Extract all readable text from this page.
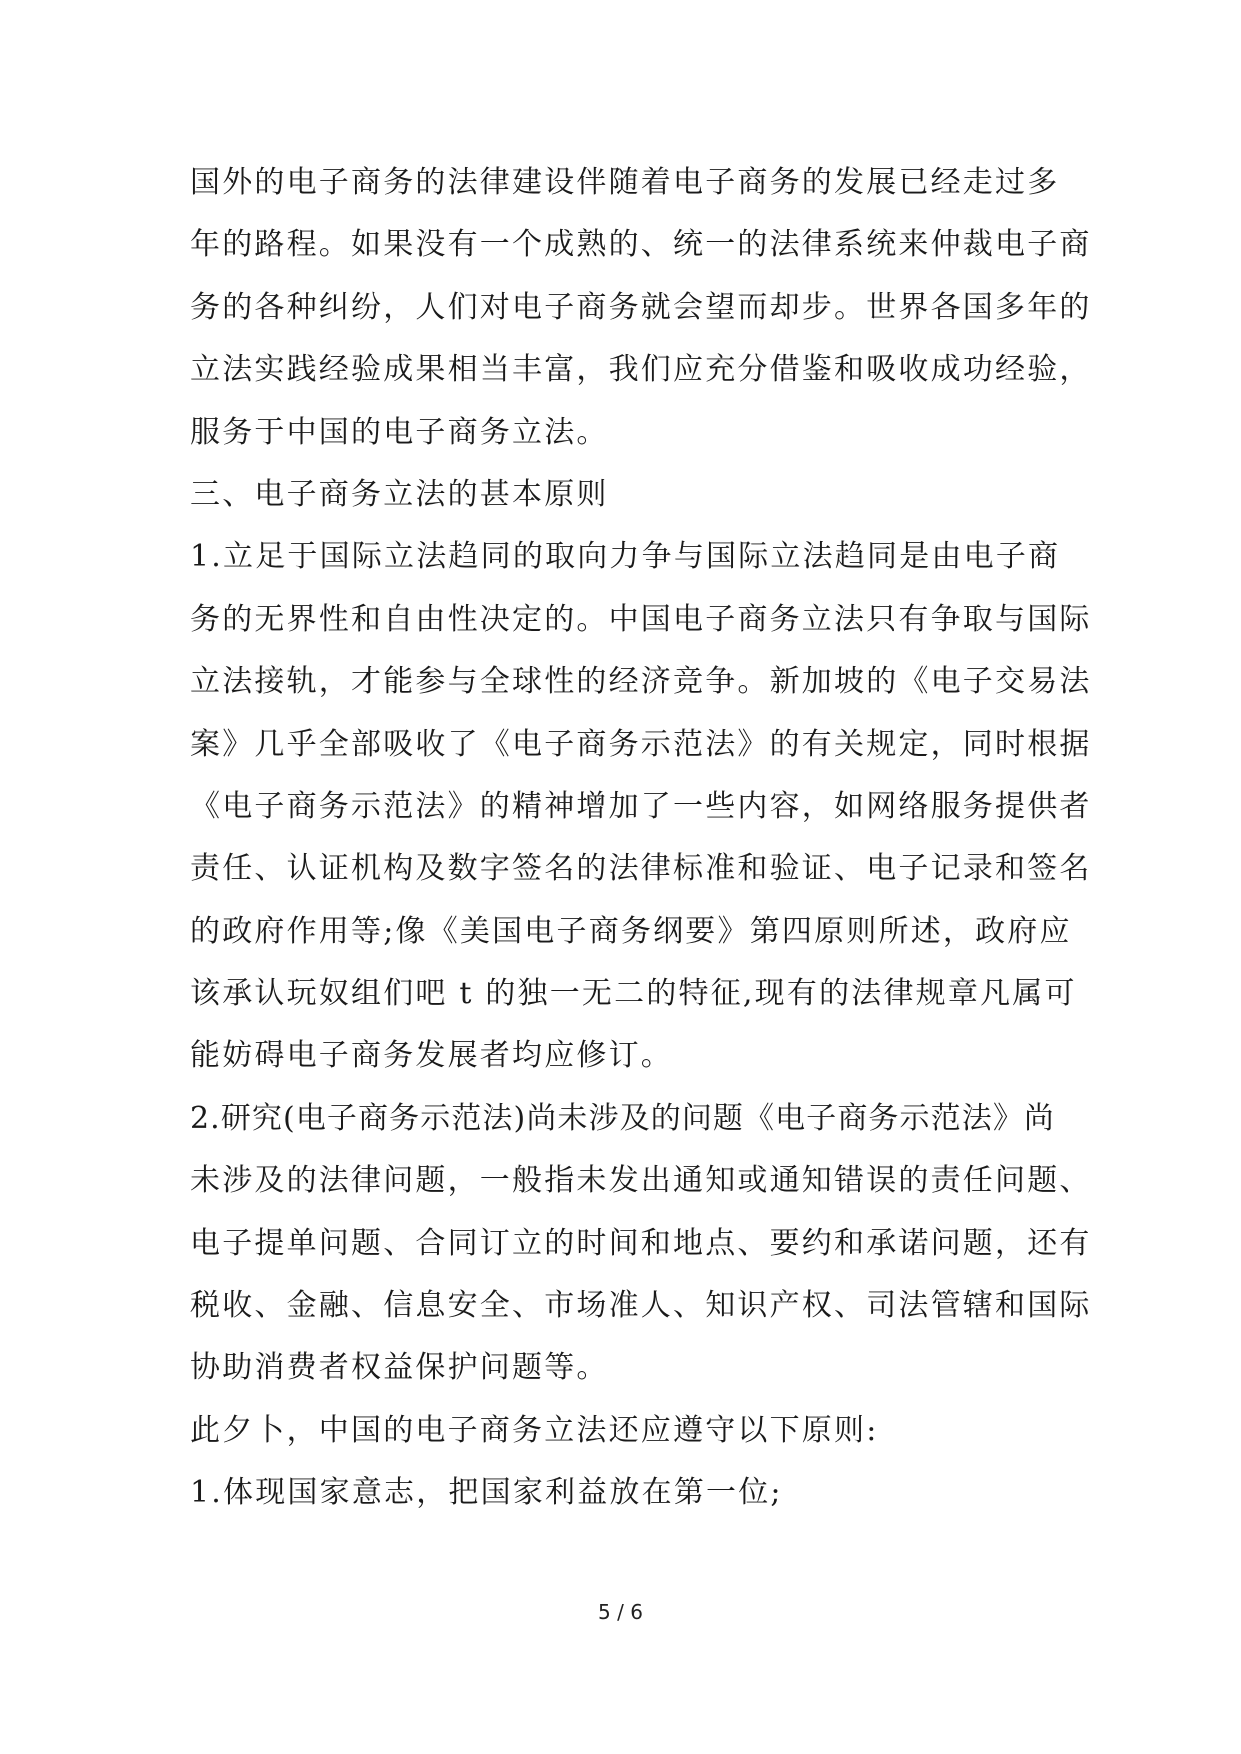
国外的电子商务的法律建设伴随着电子商务的发展已经走过多
年的路程。如果没有一个成熟的、统一的法律系统来仲裁电子商
务的各种纠纷，人们对电子商务就会望而却步。世界各国多年的
立法实践经验成果相当丰富，我们应充分借鉴和吸收成功经验，
服务于中国的电子商务立法。
三、电子商务立法的甚本原则
1.立足于国际立法趋同的取向力争与国际立法趋同是由电子商
务的无界性和自由性决定的。中国电子商务立法只有争取与国际
立法接轨，才能参与全球性的经济竞争。新加坡的《电子交易法
案》几乎全部吸收了《电子商务示范法》的有关规定，同时根据
《电子商务示范法》的精神增加了一些内容，如网络服务提供者
责任、认证机构及数字签名的法律标准和验证、电子记录和签名
的政府作用等;像《美国电子商务纲要》第四原则所述，政府应
该承认玩奴组们吧 t 的独一无二的特征,现有的法律规章凡属可
能妨碍电子商务发展者均应修订。
2.研究(电子商务示范法)尚未涉及的问题《电子商务示范法》尚
未涉及的法律问题，一般指未发出通知或通知错误的责任问题、
电子提单问题、合同订立的时间和地点、要约和承诺问题，还有
税收、金融、信息安全、市场准人、知识产权、司法管辖和国际
协助消费者权益保护问题等。
此夕卜，中国的电子商务立法还应遵守以下原则:
1.体现国家意志，把国家利益放在第一位;
5 / 6
